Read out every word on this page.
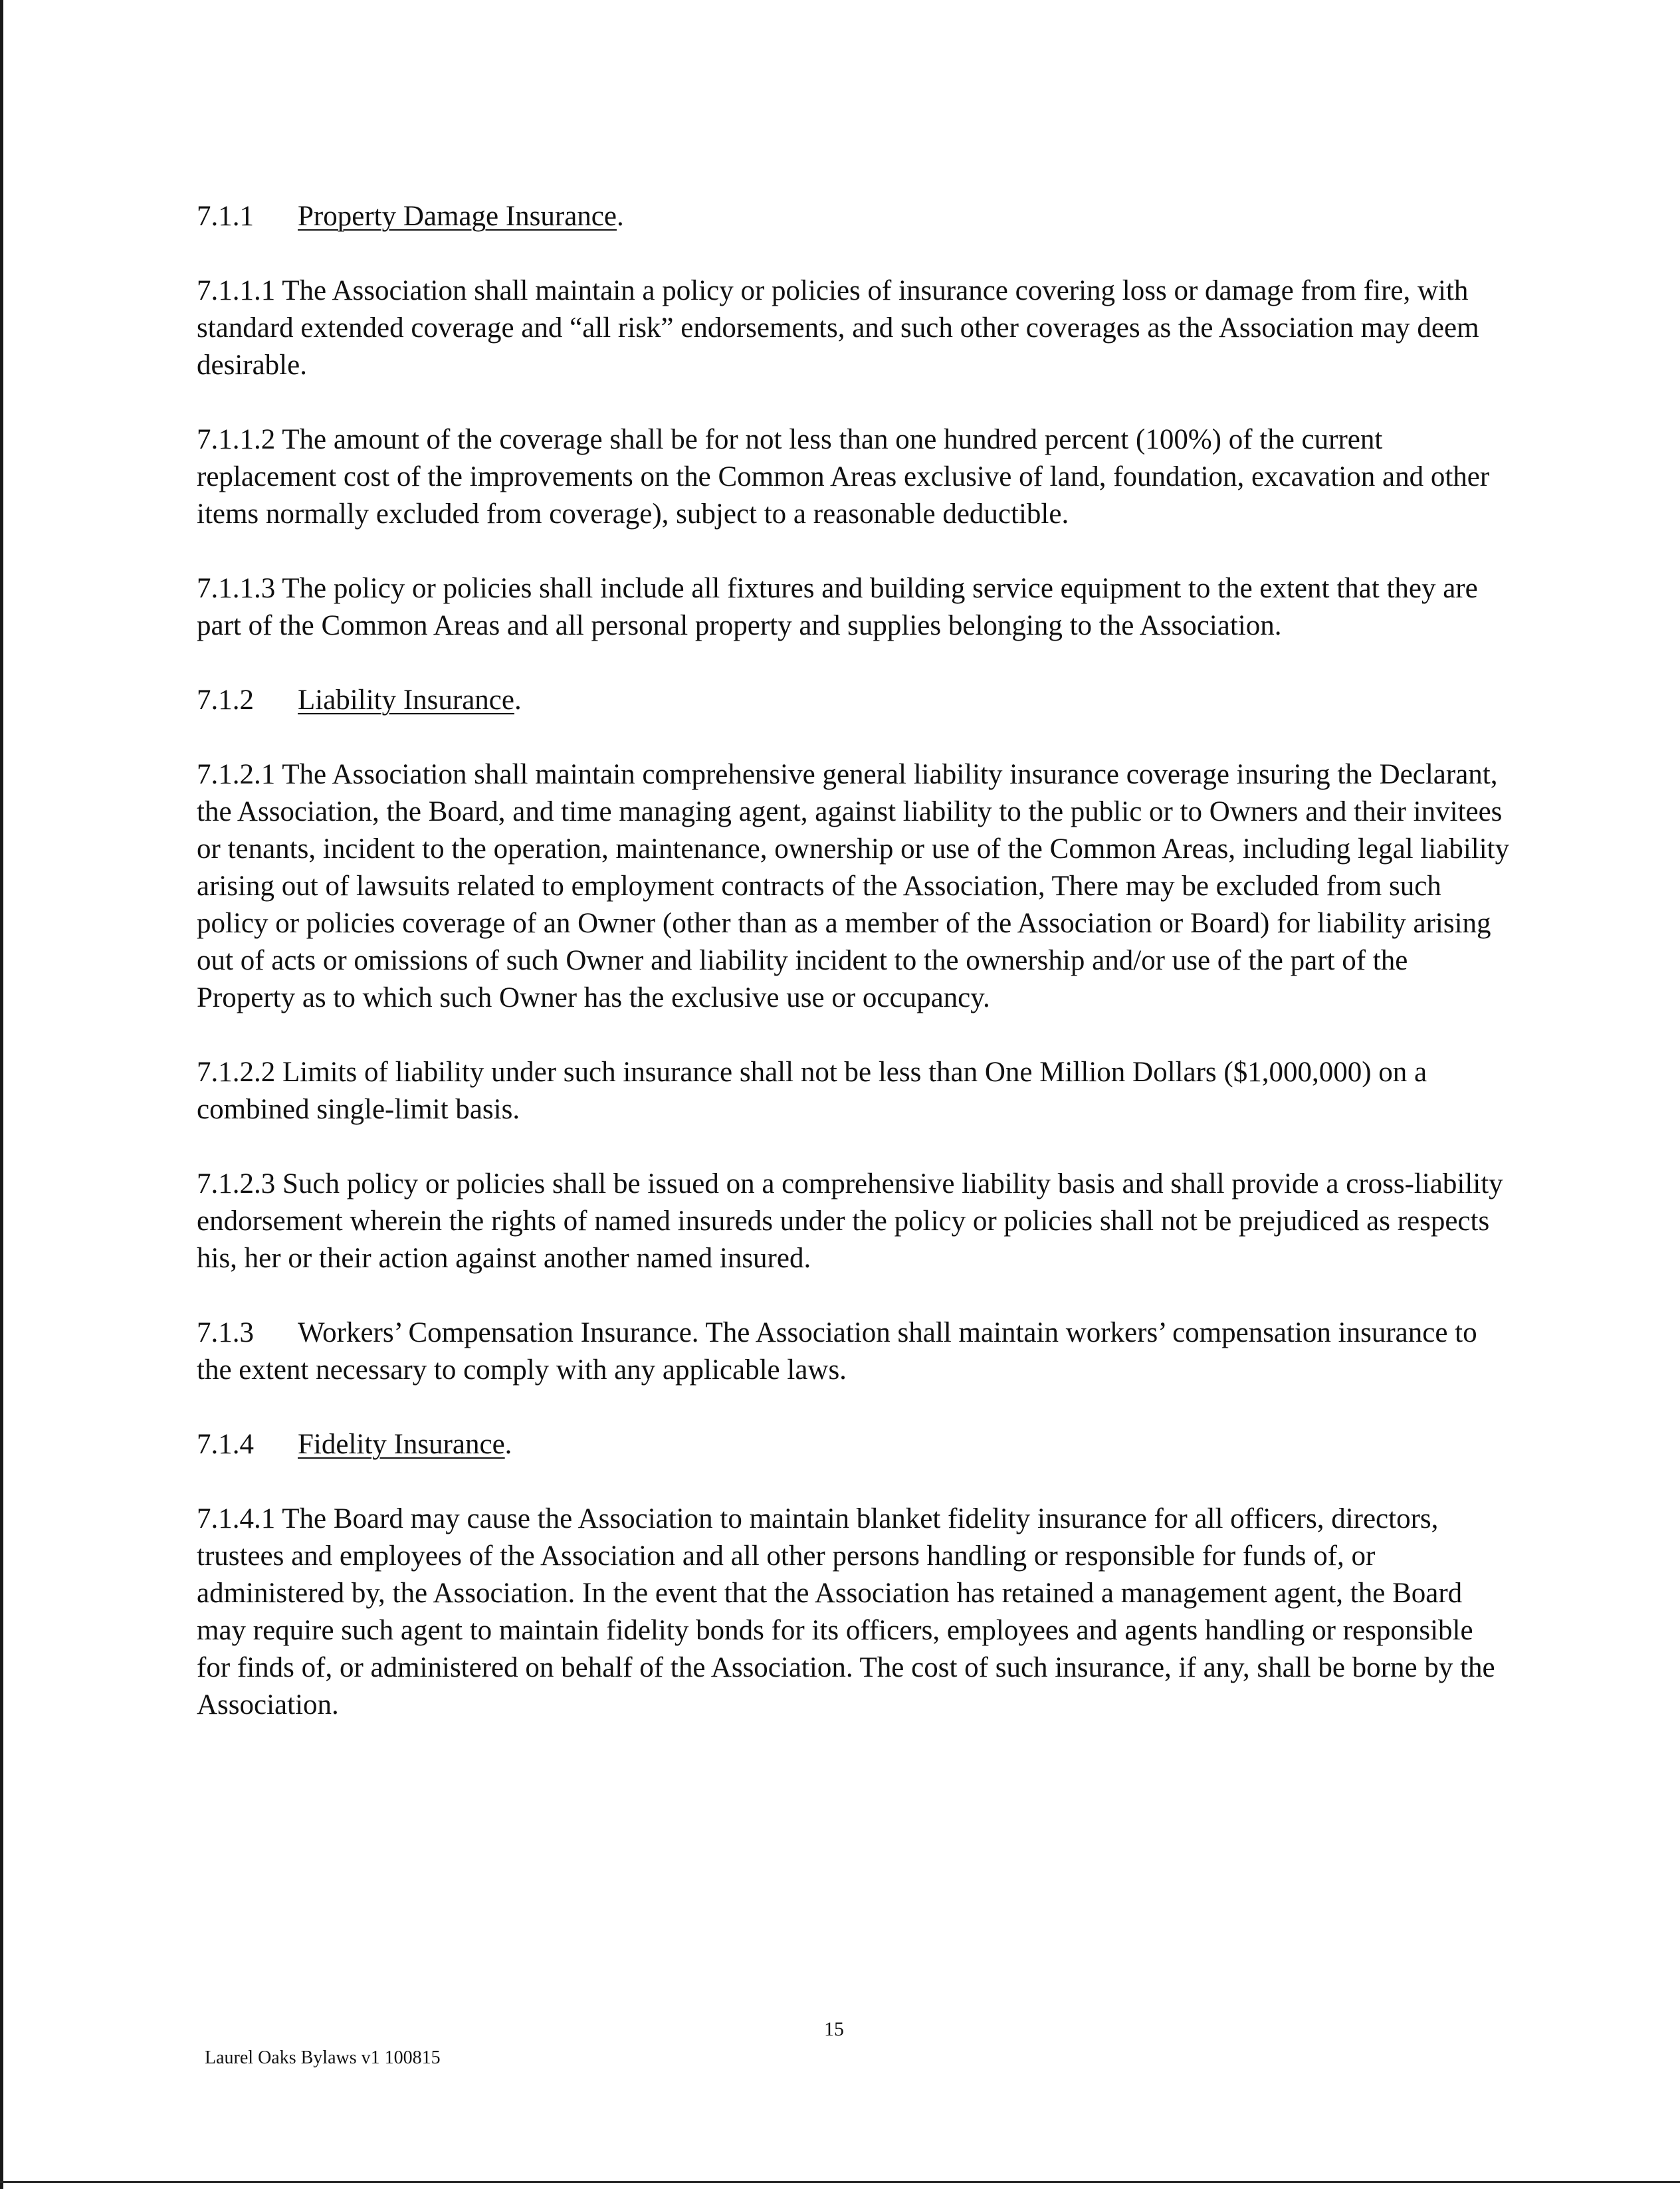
7.1.1 Property Damage Insurance.

7.1.1.1 The Association shall maintain a policy or policies of insurance covering loss or damage from fire, with standard extended coverage and “all risk” endorsements, and such other coverages as the Association may deem desirable.

7.1.1.2 The amount of the coverage shall be for not less than one hundred percent (100%) of the current replacement cost of the improvements on the Common Areas exclusive of land, foundation, excavation and other items normally excluded from coverage), subject to a reasonable deductible.

7.1.1.3 The policy or policies shall include all fixtures and building service equipment to the extent that they are part of the Common Areas and all personal property and supplies belonging to the Association.

7.1.2 Liability Insurance.

7.1.2.1 The Association shall maintain comprehensive general liability insurance coverage insuring the Declarant, the Association, the Board, and time managing agent, against liability to the public or to Owners and their invitees or tenants, incident to the operation, maintenance, ownership or use of the Common Areas, including legal liability arising out of lawsuits related to employment contracts of the Association, There may be excluded from such policy or policies coverage of an Owner (other than as a member of the Association or Board) for liability arising out of acts or omissions of such Owner and liability incident to the ownership and/or use of the part of the Property as to which such Owner has the exclusive use or occupancy.

7.1.2.2 Limits of liability under such insurance shall not be less than One Million Dollars ($1,000,000) on a combined single-limit basis.

7.1.2.3 Such policy or policies shall be issued on a comprehensive liability basis and shall provide a cross-liability endorsement wherein the rights of named insureds under the policy or policies shall not be prejudiced as respects his, her or their action against another named insured.

7.1.3 Workers’ Compensation Insurance. The Association shall maintain workers’ compensation insurance to the extent necessary to comply with any applicable laws.

7.1.4 Fidelity Insurance.

7.1.4.1 The Board may cause the Association to maintain blanket fidelity insurance for all officers, directors, trustees and employees of the Association and all other persons handling or responsible for funds of, or administered by, the Association. In the event that the Association has retained a management agent, the Board may require such agent to maintain fidelity bonds for its officers, employees and agents handling or responsible for finds of, or administered on behalf of the Association. The cost of such insurance, if any, shall be borne by the Association.

15
Laurel Oaks Bylaws v1 100815
